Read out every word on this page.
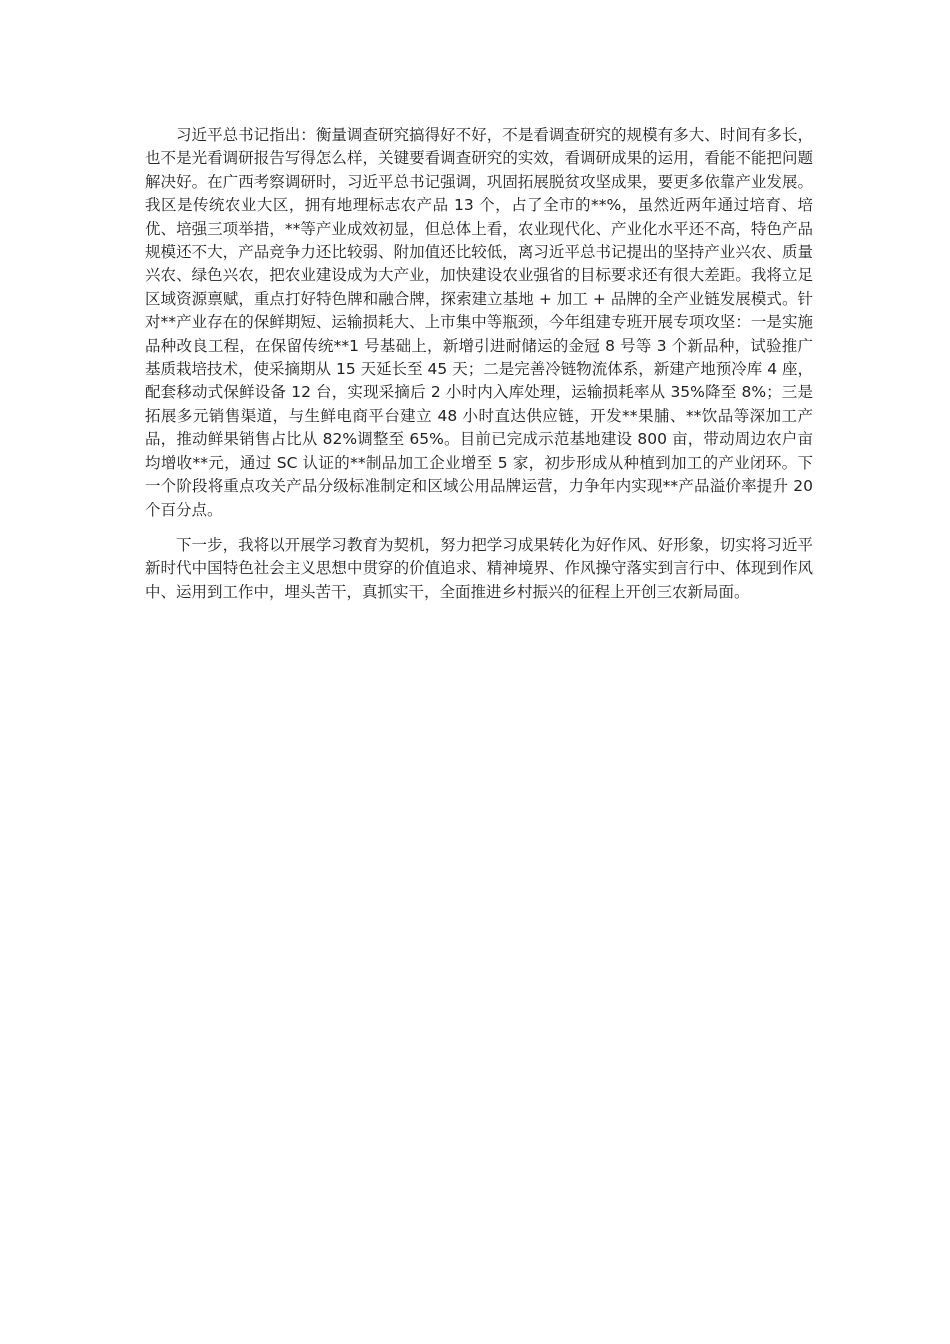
习近平总书记指出：衡量调查研究搞得好不好，不是看调查研究的规模有多大、时间有多长，也不是光看调研报告写得怎么样，关键要看调查研究的实效，看调研成果的运用，看能不能把问题解决好。在广西考察调研时，习近平总书记强调，巩固拓展脱贫攻坚成果，要更多依靠产业发展。我区是传统农业大区，拥有地理标志农产品 13 个，占了全市的**%，虽然近两年通过培育、培优、培强三项举措，**等产业成效初显，但总体上看，农业现代化、产业化水平还不高，特色产品规模还不大，产品竞争力还比较弱、附加值还比较低，离习近平总书记提出的坚持产业兴农、质量兴农、绿色兴农，把农业建设成为大产业，加快建设农业强省的目标要求还有很大差距。我将立足区域资源禀赋，重点打好特色牌和融合牌，探索建立基地 + 加工 + 品牌的全产业链发展模式。针对**产业存在的保鲜期短、运输损耗大、上市集中等瓶颈，今年组建专班开展专项攻坚：一是实施品种改良工程，在保留传统**1 号基础上，新增引进耐储运的金冠 8 号等 3 个新品种，试验推广基质栽培技术，使采摘期从 15 天延长至 45 天；二是完善冷链物流体系，新建产地预冷库 4 座，配套移动式保鲜设备 12 台，实现采摘后 2 小时内入库处理，运输损耗率从 35%降至 8%；三是拓展多元销售渠道，与生鲜电商平台建立 48 小时直达供应链，开发**果脯、**饮品等深加工产品，推动鲜果销售占比从 82%调整至 65%。目前已完成示范基地建设 800 亩，带动周边农户亩均增收**元，通过 SC 认证的**制品加工企业增至 5 家，初步形成从种植到加工的产业闭环。下一个阶段将重点攻关产品分级标准制定和区域公用品牌运营，力争年内实现**产品溢价率提升 20 个百分点。

下一步，我将以开展学习教育为契机，努力把学习成果转化为好作风、好形象，切实将习近平新时代中国特色社会主义思想中贯穿的价值追求、精神境界、作风操守落实到言行中、体现到作风中、运用到工作中，埋头苦干，真抓实干，全面推进乡村振兴的征程上开创三农新局面。
